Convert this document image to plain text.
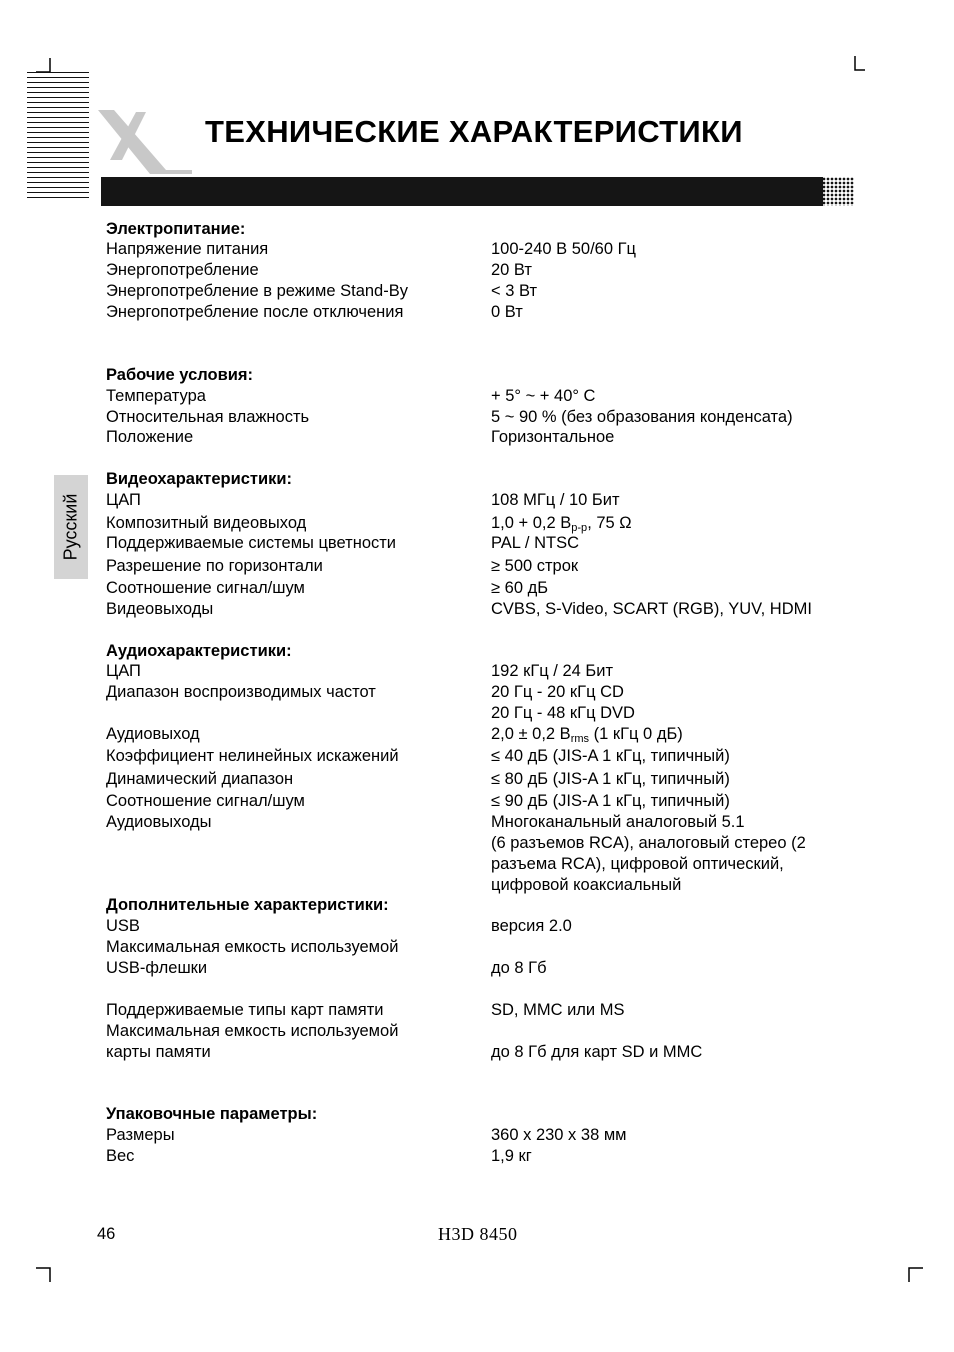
ТЕХНИЧЕСКИЕ ХАРАКТЕРИСТИКИ
Русский
Электропитание:
Напряжение питания	100-240 В 50/60 Гц
Энергопотребление	20 Вт
Энергопотребление в режиме Stand-By	< 3 Вт
Энергопотребление после отключения	0 Вт
Рабочие условия:
Температура	+ 5° ~ + 40° C
Относительная влажность	5 ~ 90 % (без образования конденсата)
Положение	Горизонтальное
Видеохарактеристики:
ЦАП	108 МГц / 10 Бит
Композитный видеовыход	1,0 + 0,2 $В_{p-p}$, 75 Ω
Поддерживаемые системы цветности	PAL / NTSC
Разрешение по горизонтали	≥ 500 строк
Соотношение сигнал/шум	≥ 60 дБ
Видеовыходы	CVBS, S-Video, SCART (RGB), YUV, HDMI
Аудиохарактеристики:
ЦАП	192 кГц / 24 Бит
Диапазон воспроизводимых частот	20 Гц - 20 кГц CD
20 Гц - 48 кГц DVD
Аудиовыход	2,0 ± 0,2 $В_{rms}$ (1 кГц 0 дБ)
Коэффициент нелинейных искажений	≤ 40 дБ (JIS-A 1 кГц, типичный)
Динамический диапазон	≤ 80 дБ (JIS-A 1 кГц, типичный)
Соотношение сигнал/шум	≤ 90 дБ (JIS-A 1 кГц, типичный)
Аудиовыходы	Многоканальный аналоговый 5.1
(6 разъемов RCA), аналоговый стерео (2
разъема RCA), цифровой оптический,
цифровой коаксиальный
Дополнительные характеристики:
USB	версия 2.0
Максимальная емкость используемой
USB-флешки	до 8 Гб
Поддерживаемые типы карт памяти	SD, MMC или MS
Максимальная емкость используемой
карты памяти	до 8 Гб для карт SD и MMC
Упаковочные параметры:
Размеры	360 x 230 x 38 мм
Вес	1,9 кг
46	H3D 8450
